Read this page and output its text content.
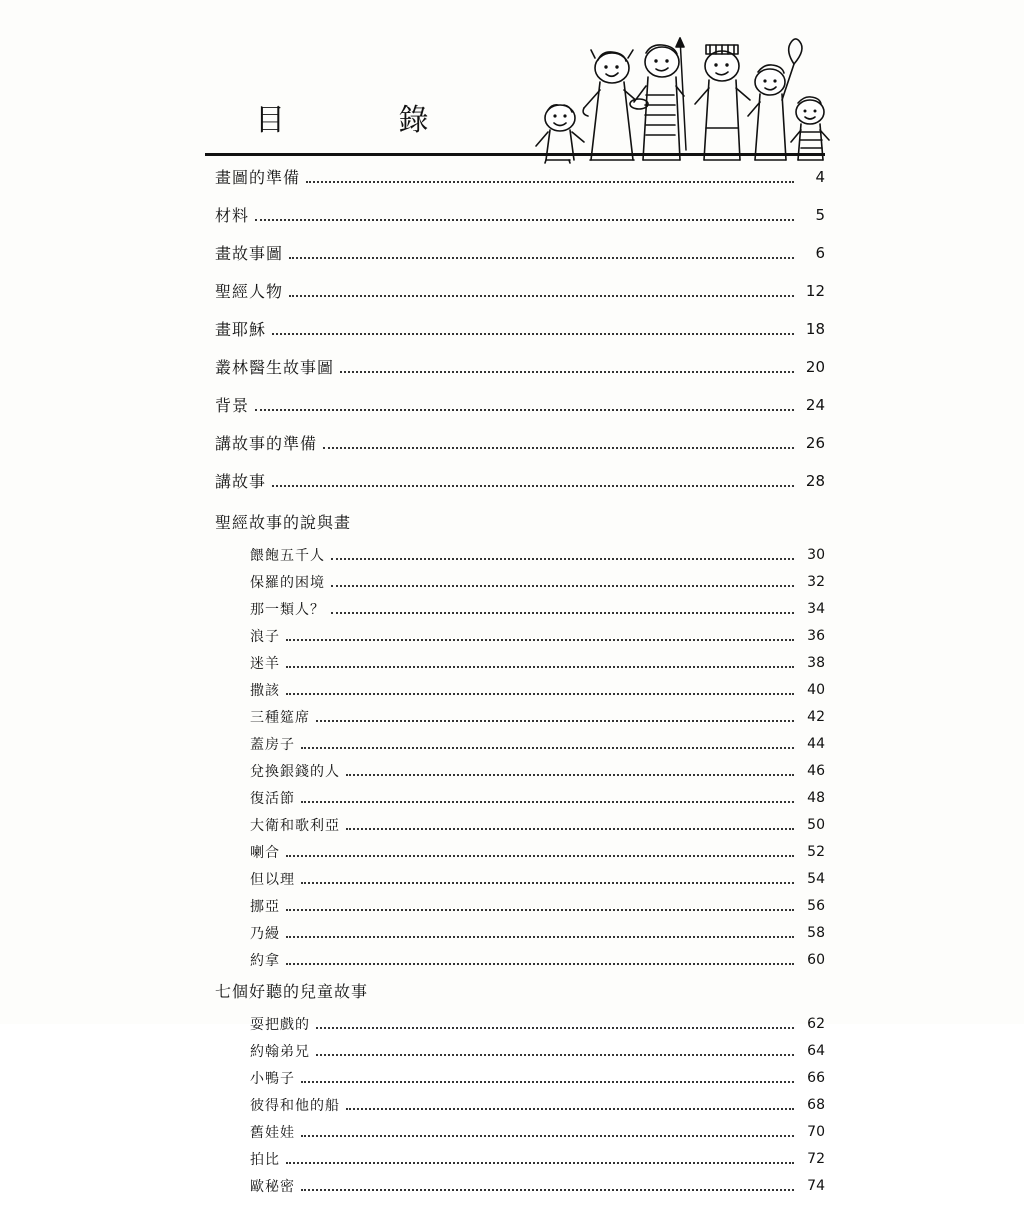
目 錄
畫圖的準備	4
材料	5
畫故事圖	6
聖經人物	12
畫耶穌	18
叢林醫生故事圖	20
背景	24
講故事的準備	26
講故事	28
聖經故事的說與畫
餵飽五千人	30
保羅的困境	32
那一類人？	34
浪子	36
迷羊	38
撒該	40
三種筵席	42
蓋房子	44
兌換銀錢的人	46
復活節	48
大衛和歌利亞	50
喇合	52
但以理	54
挪亞	56
乃縵	58
約拿	60
七個好聽的兒童故事
耍把戲的	62
約翰弟兄	64
小鴨子	66
彼得和他的船	68
舊娃娃	70
拍比	72
歐秘密	74
